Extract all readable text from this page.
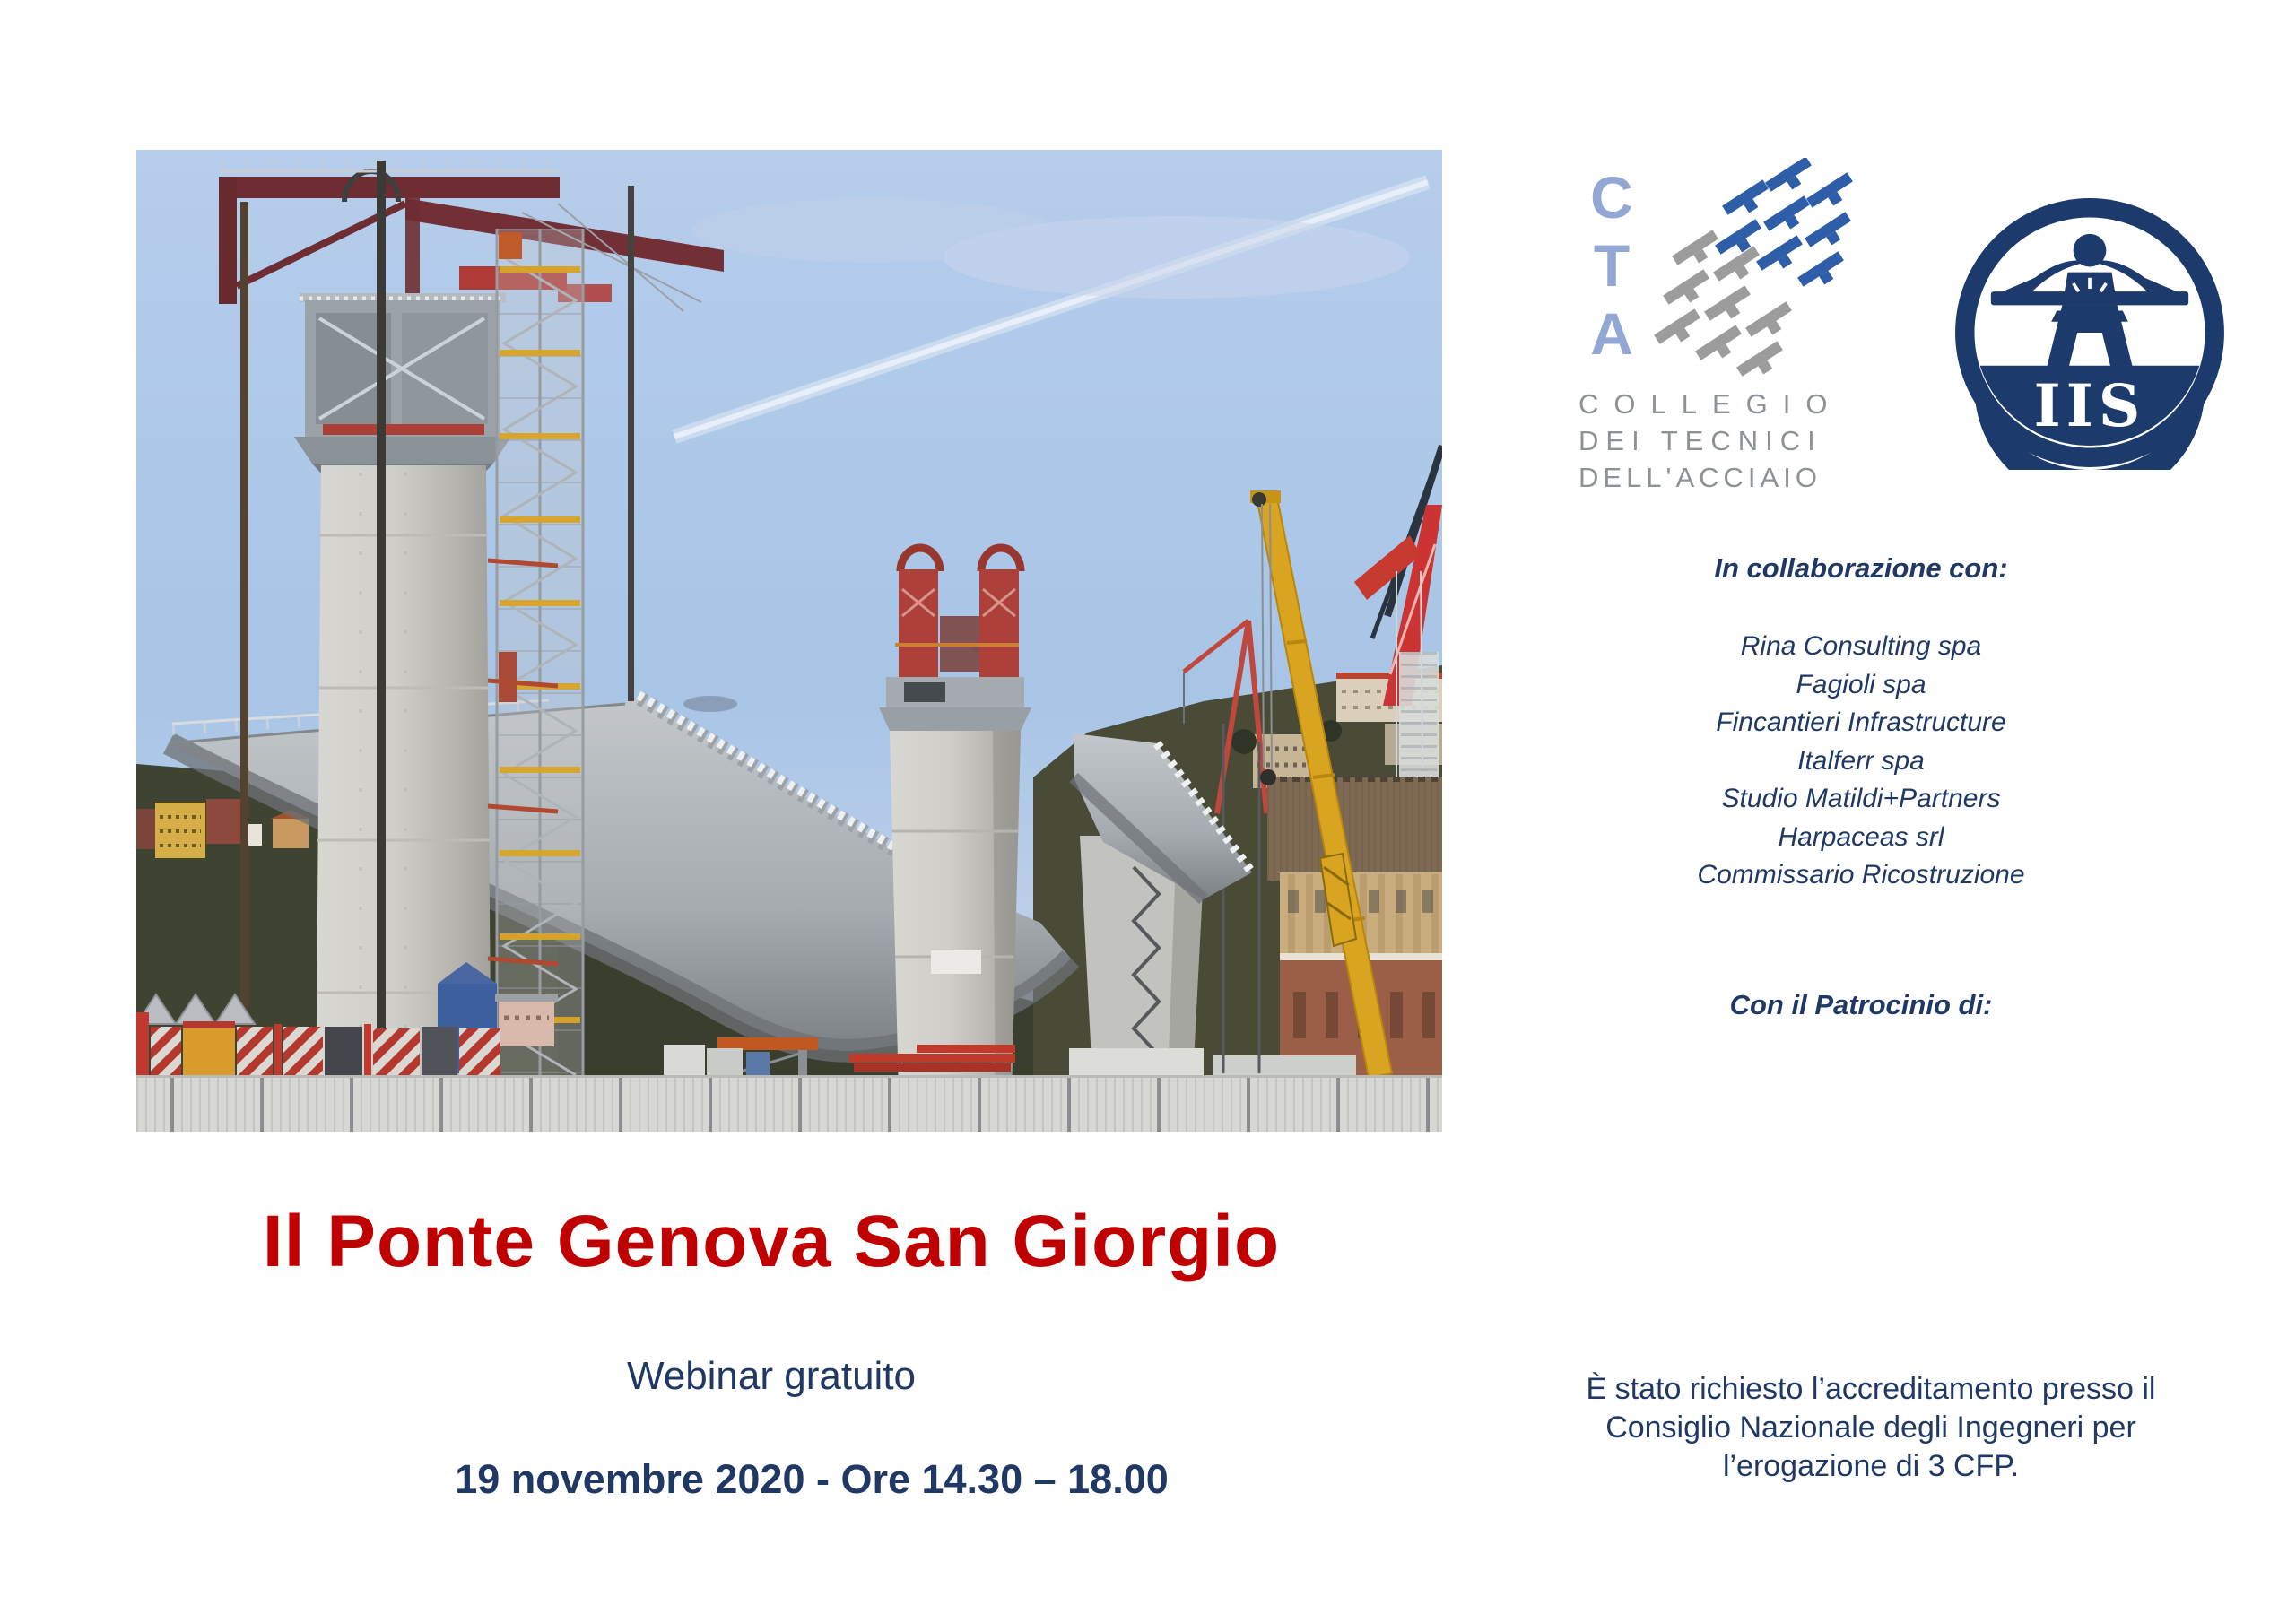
C
T
A
COLLEGIO
DEI TECNICI
DELL'ACCIAIO
IIS
In collaborazione con:
Rina Consulting spa
Fagioli spa
Fincantieri Infrastructure
Italferr spa
Studio Matildi+Partners
Harpaceas srl
Commissario Ricostruzione
Con il Patrocinio di:
Il Ponte Genova San Giorgio
Webinar gratuito
19 novembre 2020 - Ore 14.30 – 18.00
È stato richiesto l’accreditamento presso il
Consiglio Nazionale degli Ingegneri per
l’erogazione di 3 CFP.
